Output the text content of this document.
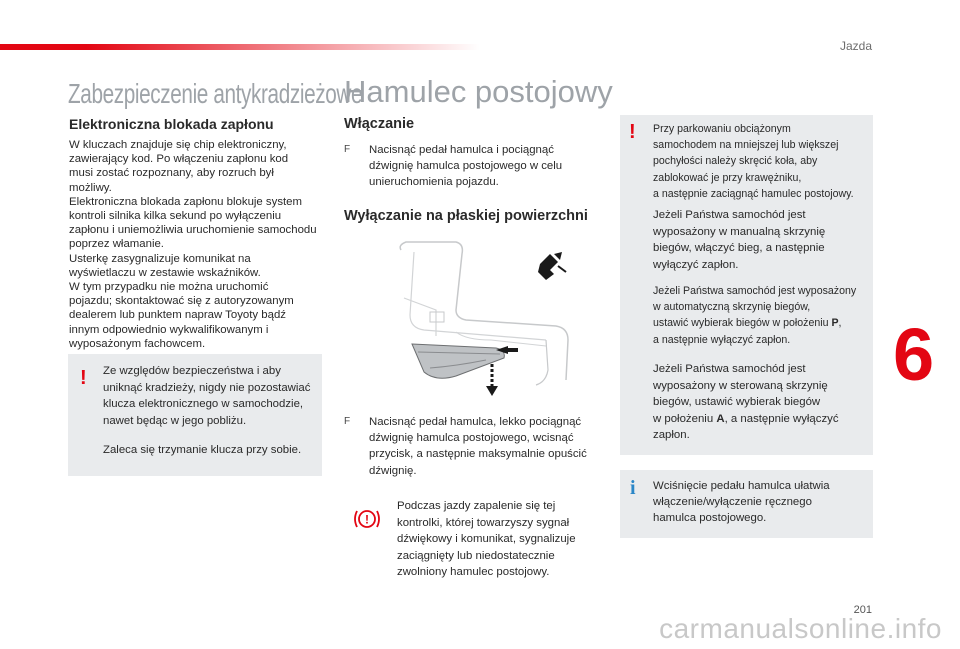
Jazda
Zabezpieczenie antykradzieżowe
Elektroniczna blokada zapłonu

W kluczach znajduje się chip elektroniczny,

zawierający kod. Po włączeniu zapłonu kod

musi zostać rozpoznany, aby rozruch był

możliwy.

Elektroniczna blokada zapłonu blokuje system

kontroli silnika kilka sekund po wyłączeniu

zapłonu i uniemożliwia uruchomienie samochodu

poprzez włamanie.

Usterkę zasygnalizuje komunikat na

wyświetlaczu w zestawie wskaźników.

W tym przypadku nie można uruchomić

pojazdu; skontaktować się z autoryzowanym

dealerem lub punktem napraw Toyoty bądź

innym odpowiednio wykwalifikowanym i

wyposażonym fachowcem.

! Ze względów bezpieczeństwa i aby
uniknąć kradzieży, nigdy nie pozostawiać
klucza elektronicznego w samochodzie,
nawet będąc w jego pobliżu.
Zaleca się trzymanie klucza przy sobie.
Hamulec postojowy
Włączanie
F Nacisnąć pedał hamulca i pociągnąć
dźwignię hamulca postojowego w celu
unieruchomienia pojazdu.
Wyłączanie na płaskiej powierzchni
F Nacisnąć pedał hamulca, lekko pociągnąć
dźwignię hamulca postojowego, wcisnąć
przycisk, a następnie maksymalnie opuścić
dźwignię.
!
Podczas jazdy zapalenie się tej
kontrolki, której towarzyszy sygnał
dźwiękowy i komunikat, sygnalizuje
zaciągnięty lub niedostatecznie
zwolniony hamulec postojowy.
! Przy parkowaniu obciążonym
samochodem na mniejszej lub większej
pochyłości należy skręcić koła, aby
zablokować je przy krawężniku,
a następnie zaciągnąć hamulec postojowy.
Jeżeli Państwa samochód jest
wyposażony w manualną skrzynię
biegów, włączyć bieg, a następnie
wyłączyć zapłon.
Jeżeli Państwa samochód jest wyposażony
w automatyczną skrzynię biegów,
ustawić wybierak biegów w położeniu P,
a następnie wyłączyć zapłon.
Jeżeli Państwa samochód jest
wyposażony w sterowaną skrzynię
biegów, ustawić wybierak biegów
w położeniu A, a następnie wyłączyć
zapłon.
i Wciśnięcie pedału hamulca ułatwia
włączenie/wyłączenie ręcznego
hamulca postojowego.
6
201
carmanualsonline.info
